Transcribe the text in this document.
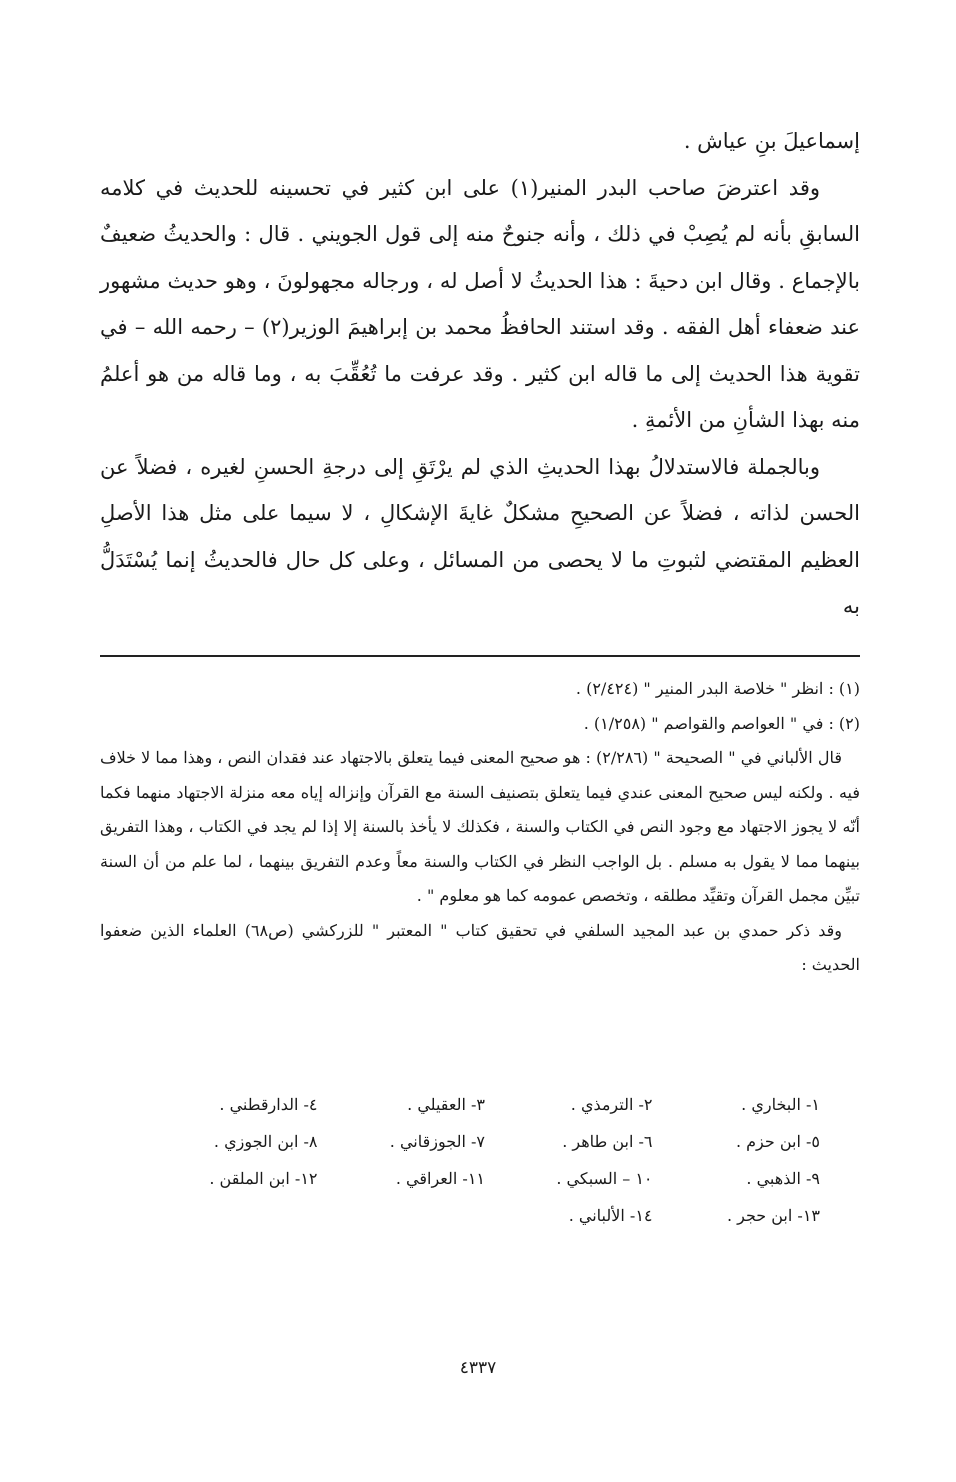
إسماعيلَ بنِ عياش .

وقد اعترضَ صاحب البدر المنير(١) على ابن كثير في تحسينه للحديث في كلامه السابقِ بأنه لم يُصِبْ في ذلك ، وأنه جنوحٌ منه إلى قول الجويني . قال : والحديثُ ضعيفٌ بالإجماع . وقال ابن دحيةَ : هذا الحديثُ لا أصل له ، ورجاله مجهولونَ ، وهو حديث مشهور عند ضعفاء أهل الفقه . وقد استند الحافظُ محمد بن إبراهيمَ الوزير(٢) – رحمه الله – في تقوية هذا الحديث إلى ما قاله ابن كثير . وقد عرفت ما تُعُقِّبَ به ، وما قاله من هو أعلمُ منه بهذا الشأنِ من الأئمةِ .

وبالجملة فالاستدلالُ بهذا الحديثِ الذي لم يرْتَقِ إلى درجةِ الحسنِ لغيره ، فضلاً عن الحسن لذاته ، فضلاً عن الصحيحِ مشكلٌ غايةَ الإشكالِ ، لا سيما على مثل هذا الأصلِ العظيم المقتضي لثبوتِ ما لا يحصى من المسائل ، وعلى كل حال فالحديثُ إنما يُسْتَدَلُّ به

(١) : انظر " خلاصة البدر المنير " (٢/٤٢٤) .

(٢) : في " العواصم والقواصم " (١/٢٥٨) .

قال الألباني في " الصحيحة " (٢/٢٨٦) : هو صحيح المعنى فيما يتعلق بالاجتهاد عند فقدان النص ، وهذا مما لا خلاف فيه . ولكنه ليس صحيح المعنى عندي فيما يتعلق بتصنيف السنة مع القرآن وإنزاله إياه معه منزلة الاجتهاد منهما فكما أنّه لا يجوز الاجتهاد مع وجود النص في الكتاب والسنة ، فكذلك لا يأخذ بالسنة إلا إذا لم يجد في الكتاب ، وهذا التفريق بينهما مما لا يقول به مسلم . بل الواجب النظر في الكتاب والسنة معاً وعدم التفريق بينهما ، لما علم من أن السنة تبيِّن مجمل القرآن وتقيِّد مطلقه ، وتخصص عمومه كما هو معلوم " .

وقد ذكر حمدي بن عبد المجيد السلفي في تحقيق كتاب " المعتبر " للزركشي (ص٦٨) العلماء الذين ضعفوا الحديث :

١- البخاري .
٢- الترمذي .
٣- العقيلي .
٤- الدارقطني .
٥- ابن حزم .
٦- ابن طاهر .
٧- الجوزقاني .
٨- ابن الجوزي .
٩- الذهبي .
١٠ – السبكي .
١١- العراقي .
١٢- ابن الملقن .
١٣- ابن حجر .
١٤- الألباني .
٤٣٣٧
